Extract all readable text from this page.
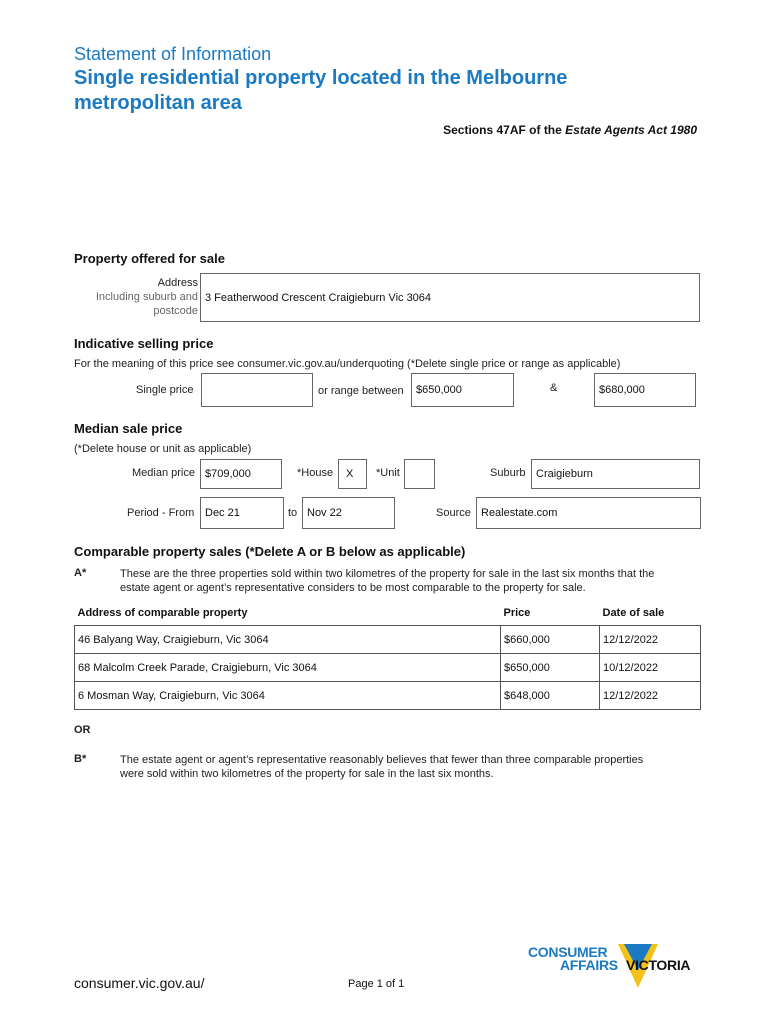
Statement of Information
Single residential property located in the Melbourne
metropolitan area
Sections 47AF of the Estate Agents Act 1980
Property offered for sale
Address
Including suburb and
postcode
3 Featherwood Crescent Craigieburn Vic 3064
Indicative selling price
For the meaning of this price see consumer.vic.gov.au/underquoting (*Delete single price or range as applicable)
Single price	or range between	$650,000	&	$680,000
Median sale price
(*Delete house or unit as applicable)
Median price $709,000	*House	X	*Unit	Suburb Craigieburn
Period - From Dec 21	to Nov 22	Source Realestate.com
Comparable property sales (*Delete A or B below as applicable)
A*	These are the three properties sold within two kilometres of the property for sale in the last six months that the
estate agent or agent’s representative considers to be most comparable to the property for sale.
Address of comparable property	Price	Date of sale
46 Balyang Way, Craigieburn, Vic 3064	$660,000	12/12/2022
68 Malcolm Creek Parade, Craigieburn, Vic 3064	$650,000	10/12/2022
6 Mosman Way, Craigieburn, Vic 3064	$648,000	12/12/2022
OR
B*	The estate agent or agent’s representative reasonably believes that fewer than three comparable properties
were sold within two kilometres of the property for sale in the last six months.
consumer.vic.gov.au/	Page 1 of 1
CONSUMER
AFFAIRS VICTORIA
